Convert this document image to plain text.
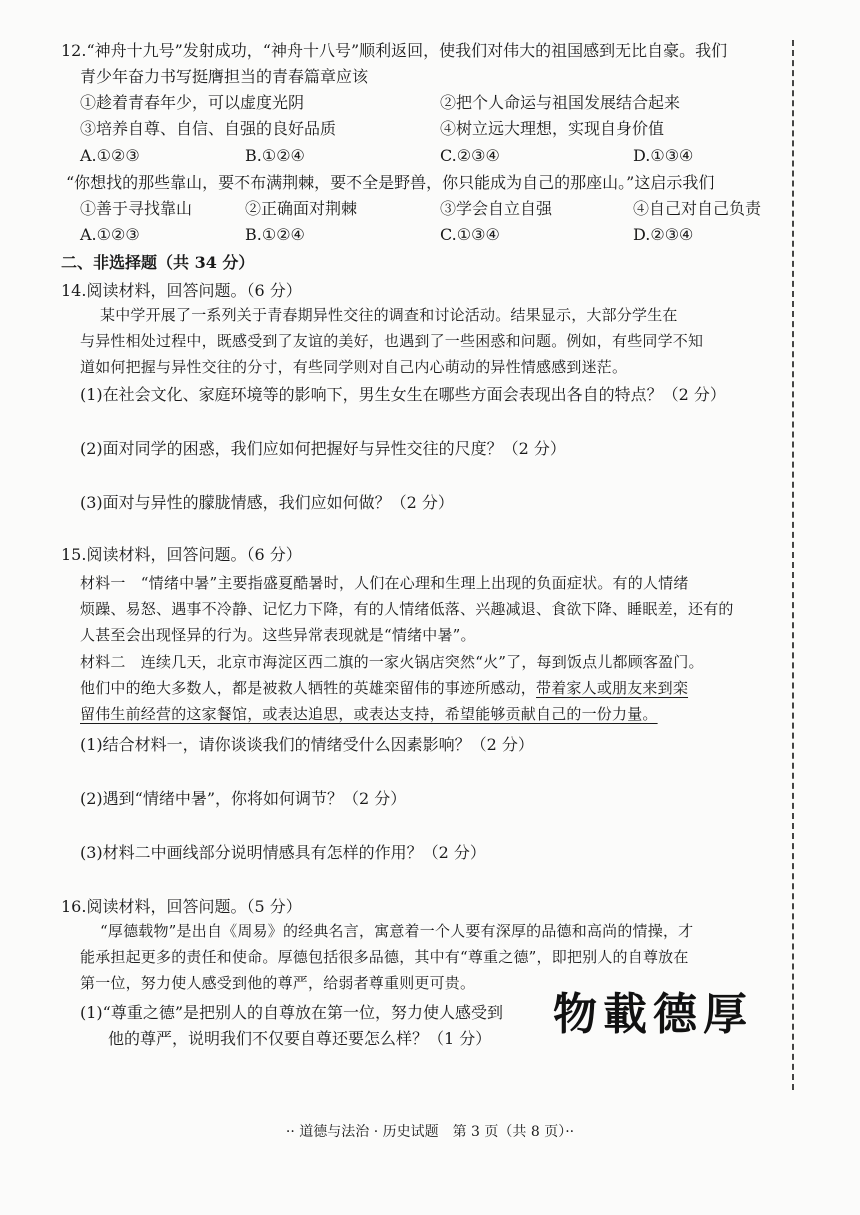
12.“神舟十九号”发射成功，“神舟十八号”顺利返回，使我们对伟大的祖国感到无比自豪。我们
青少年奋力书写挺膺担当的青春篇章应该
①趁着青春年少，可以虚度光阴	②把个人命运与祖国发展结合起来
③培养自尊、自信、自强的良好品质	④树立远大理想，实现自身价值
A.①②③	B.①②④	C.②③④	D.①③④
“你想找的那些靠山，要不布满荆棘，要不全是野兽，你只能成为自己的那座山。”这启示我们
①善于寻找靠山	②正确面对荆棘	③学会自立自强	④自己对自己负责
A.①②③	B.①②④	C.①③④	D.②③④
二、非选择题（共 34 分）
14.阅读材料，回答问题。（6 分）
某中学开展了一系列关于青春期异性交往的调查和讨论活动。结果显示，大部分学生在
与异性相处过程中，既感受到了友谊的美好，也遇到了一些困惑和问题。例如，有些同学不知
道如何把握与异性交往的分寸，有些同学则对自己内心萌动的异性情感感到迷茫。
(1)在社会文化、家庭环境等的影响下，男生女生在哪些方面会表现出各自的特点？（2 分）
(2)面对同学的困惑，我们应如何把握好与异性交往的尺度？（2 分）
(3)面对与异性的朦胧情感，我们应如何做？（2 分）
15.阅读材料，回答问题。（6 分）
材料一　“情绪中暑”主要指盛夏酷暑时，人们在心理和生理上出现的负面症状。有的人情绪
烦躁、易怒、遇事不冷静、记忆力下降，有的人情绪低落、兴趣减退、食欲下降、睡眠差，还有的
人甚至会出现怪异的行为。这些异常表现就是“情绪中暑”。
材料二　连续几天，北京市海淀区西二旗的一家火锅店突然“火”了，每到饭点儿都顾客盈门。
他们中的绝大多数人，都是被救人牺牲的英雄栾留伟的事迹所感动，带着家人或朋友来到栾
留伟生前经营的这家餐馆，或表达追思，或表达支持，希望能够贡献自己的一份力量。
(1)结合材料一，请你谈谈我们的情绪受什么因素影响？（2 分）
(2)遇到“情绪中暑”，你将如何调节？（2 分）
(3)材料二中画线部分说明情感具有怎样的作用？（2 分）
16.阅读材料，回答问题。（5 分）
“厚德载物”是出自《周易》的经典名言，寓意着一个人要有深厚的品德和高尚的情操，才
能承担起更多的责任和使命。厚德包括很多品德，其中有“尊重之德”，即把别人的自尊放在
第一位，努力使人感受到他的尊严，给弱者尊重则更可贵。
(1)“尊重之德”是把别人的自尊放在第一位，努力使人感受到
他的尊严，说明我们不仅要自尊还要怎么样？（1 分） 物載德厚
·· 道德与法治 · 历史试题　第 3 页（共 8 页）··
